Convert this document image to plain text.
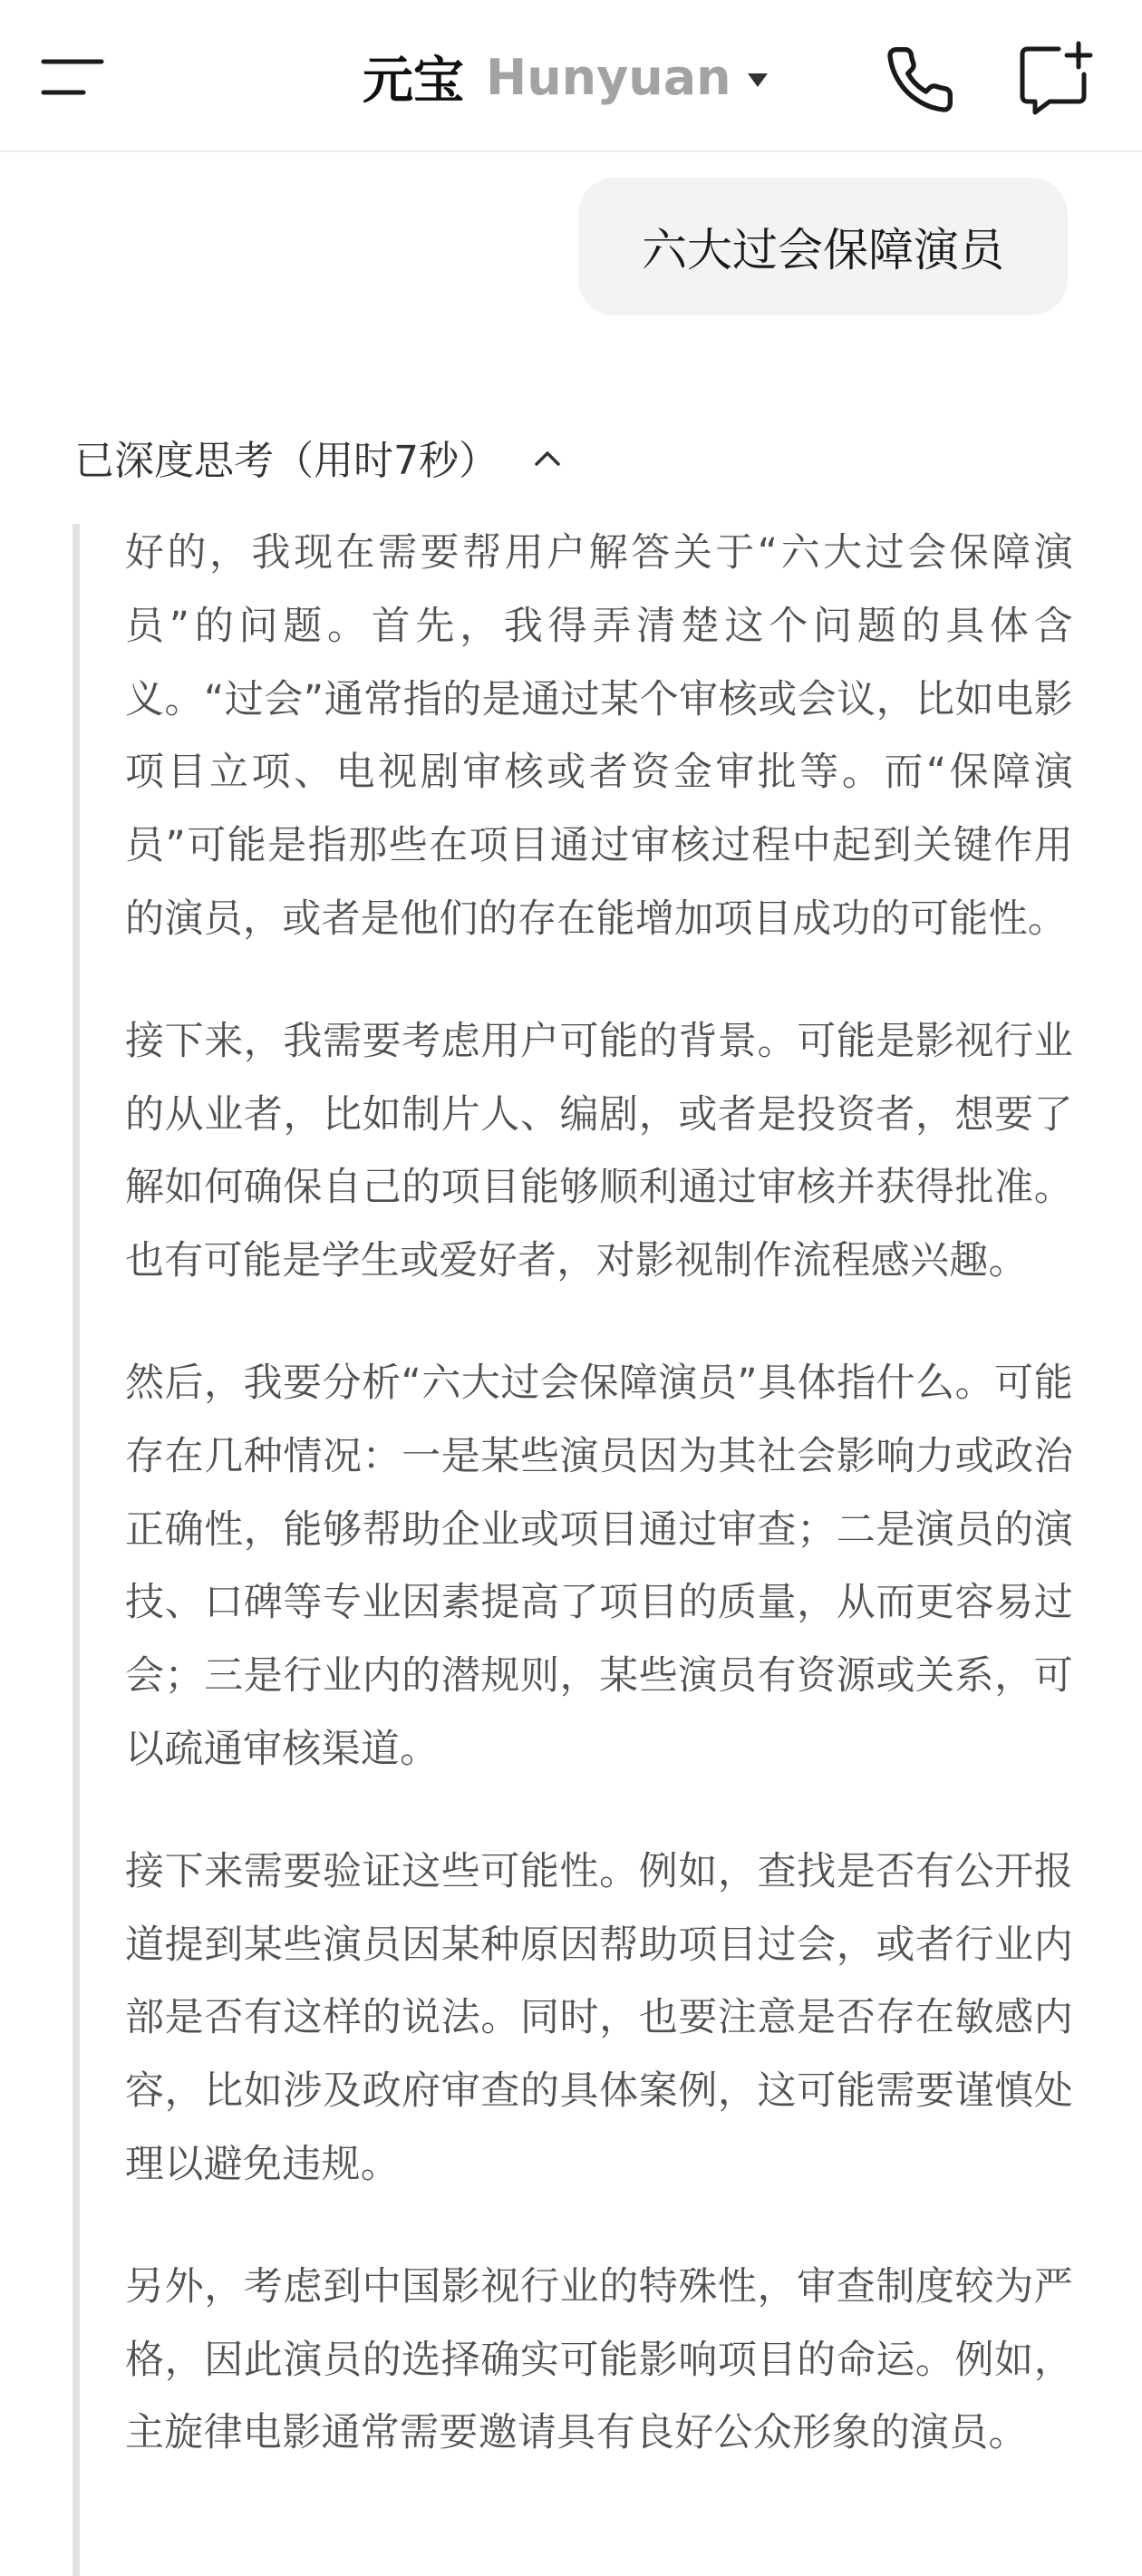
元宝 Hunyuan
六大过会保障演员
已深度思考（用时7秒）

好的，我现在需要帮用户解答关于“六大过会保障演员”的问题。首先，我得弄清楚这个问题的具体含义。“过会”通常指的是通过某个审核或会议，比如电影项目立项、电视剧审核或者资金审批等。而“保障演员”可能是指那些在项目通过审核过程中起到关键作用的演员，或者是他们的存在能增加项目成功的可能性。

接下来，我需要考虑用户可能的背景。可能是影视行业的从业者，比如制片人、编剧，或者是投资者，想要了解如何确保自己的项目能够顺利通过审核并获得批准。也有可能是学生或爱好者，对影视制作流程感兴趣。

然后，我要分析“六大过会保障演员”具体指什么。可能存在几种情况：一是某些演员因为其社会影响力或政治正确性，能够帮助企业或项目通过审查；二是演员的演技、口碑等专业因素提高了项目的质量，从而更容易过会；三是行业内的潜规则，某些演员有资源或关系，可以疏通审核渠道。

接下来需要验证这些可能性。例如，查找是否有公开报道提到某些演员因某种原因帮助项目过会，或者行业内部是否有这样的说法。同时，也要注意是否存在敏感内容，比如涉及政府审查的具体案例，这可能需要谨慎处理以避免违规。

另外，考虑到中国影视行业的特殊性，审查制度较为严格，因此演员的选择确实可能影响项目的命运。例如，主旋律电影通常需要邀请具有良好公众形象的演员。
